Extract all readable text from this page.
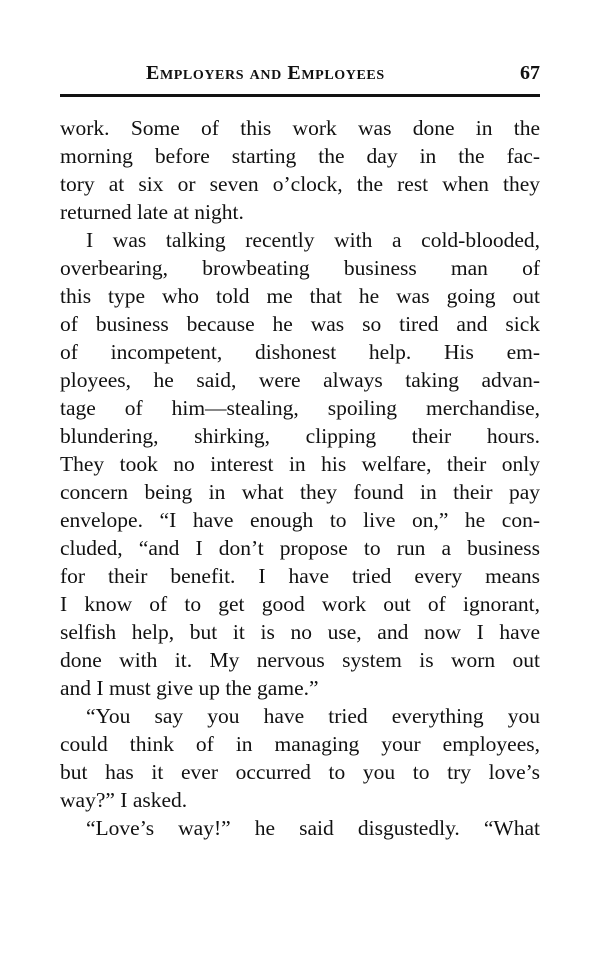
Employers and Employees	67
work. Some of this work was done in the
morning before starting the day in the fac-
tory at six or seven o’clock, the rest when they
returned late at night.
I was talking recently with a cold-blooded,
overbearing, browbeating business man of
this type who told me that he was going out
of business because he was so tired and sick
of incompetent, dishonest help. His em-
ployees, he said, were always taking advan-
tage of him—stealing, spoiling merchandise,
blundering, shirking, clipping their hours.
They took no interest in his welfare, their only
concern being in what they found in their pay
envelope. “I have enough to live on,” he con-
cluded, “and I don’t propose to run a business
for their benefit. I have tried every means
I know of to get good work out of ignorant,
selfish help, but it is no use, and now I have
done with it. My nervous system is worn out
and I must give up the game.”
“You say you have tried everything you
could think of in managing your employees,
but has it ever occurred to you to try love’s
way?” I asked.
“Love’s way!” he said disgustedly. “What
